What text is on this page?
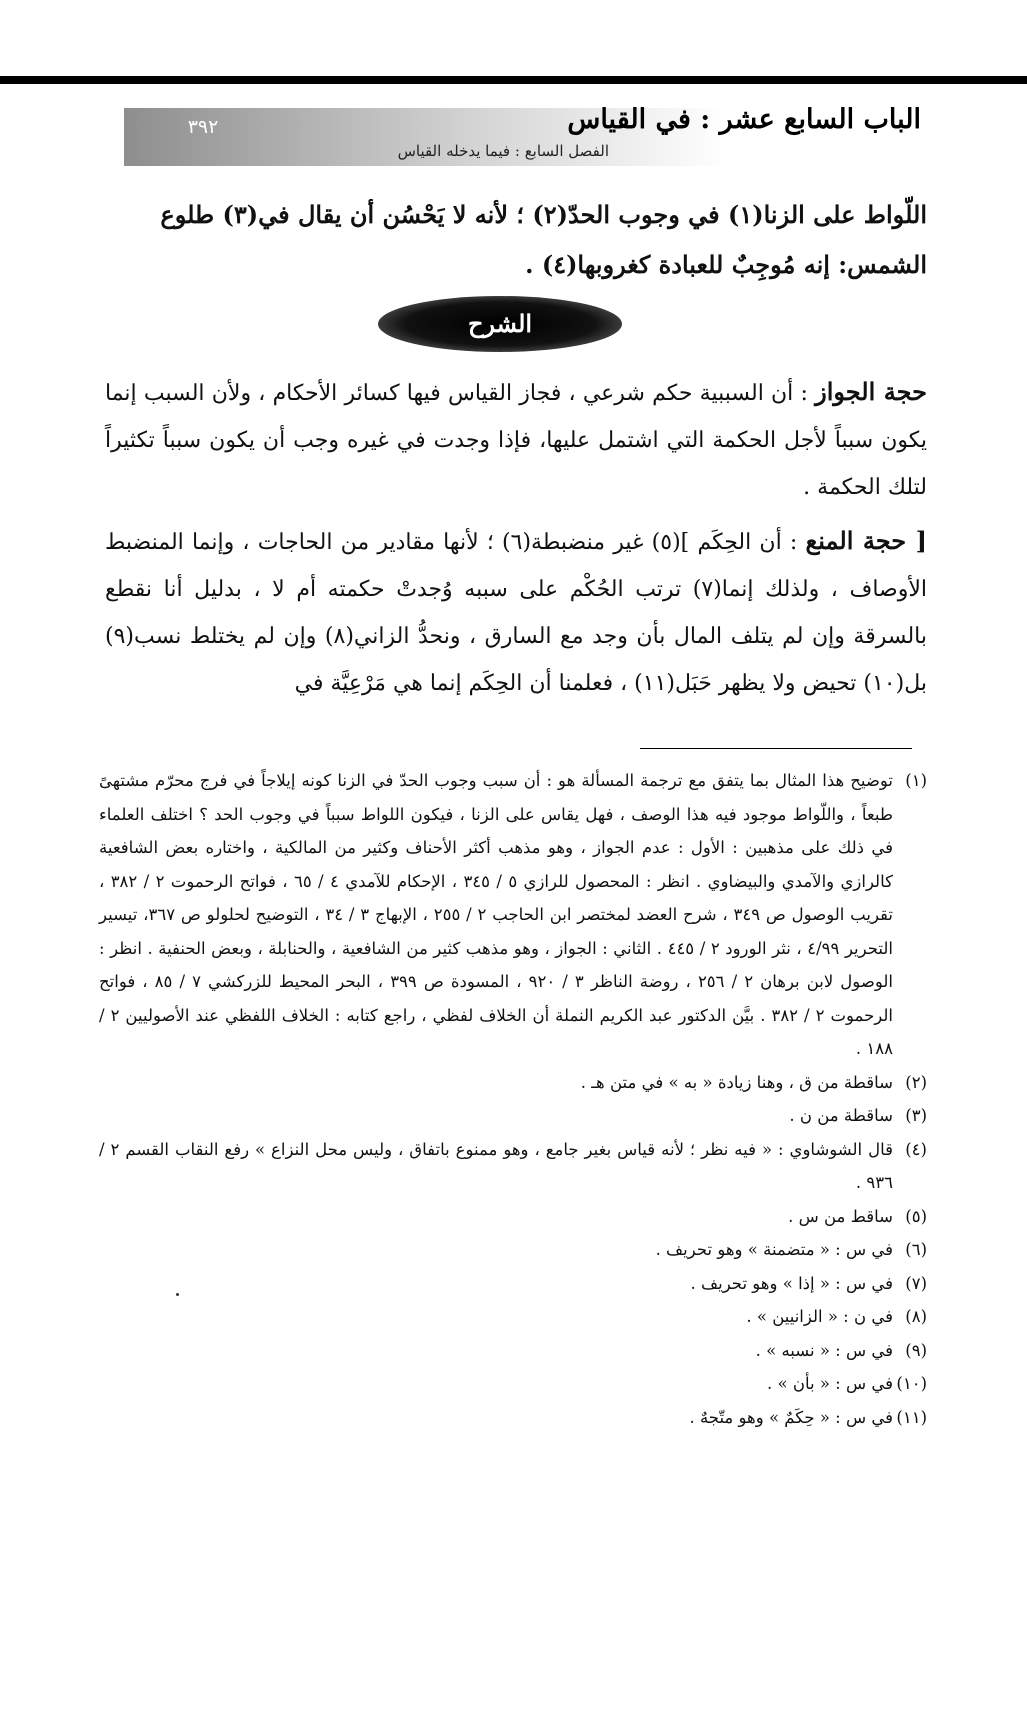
٣٩٢	الباب السابع عشر : في القياس
الفصل السابع : فيما يدخله القياس
اللّواط على الزنا(١) في وجوب الحدّ(٢) ؛ لأنه لا يَحْسُن أن يقال في(٣) طلوع
الشمس: إنه مُوجِبٌ للعبادة كغروبها(٤) .
الشرح

حجة الجواز : أن السببية حكم شرعي ، فجاز القياس فيها كسائر الأحكام ، ولأن السبب إنما يكون سبباً لأجل الحكمة التي اشتمل عليها، فإذا وجدت في غيره وجب أن يكون سبباً تكثيراً لتلك الحكمة .

[ حجة المنع : أن الحِكَم ](٥) غير منضبطة(٦) ؛ لأنها مقادير من الحاجات ، وإنما المنضبط الأوصاف ، ولذلك إنما(٧) ترتب الحُكْم على سببه وُجدتْ حكمته أم لا ، بدليل أنا نقطع بالسرقة وإن لم يتلف المال بأن وجد مع السارق ، ونحدُّ الزاني(٨) وإن لم يختلط نسب(٩) بل(١٠) تحيض ولا يظهر حَبَل(١١) ، فعلمنا أن الحِكَم إنما هي مَرْعِيَّة في

(١)توضيح هذا المثال بما يتفق مع ترجمة المسألة هو : أن سبب وجوب الحدّ في الزنا كونه إيلاجاً في فرج محرّم مشتهىً طبعاً ، واللّواط موجود فيه هذا الوصف ، فهل يقاس على الزنا ، فيكون اللواط سبباً في وجوب الحد ؟ اختلف العلماء في ذلك على مذهبين : الأول : عدم الجواز ، وهو مذهب أكثر الأحناف وكثير من المالكية ، واختاره بعض الشافعية كالرازي والآمدي والبيضاوي . انظر : المحصول للرازي ٥ / ٣٤٥ ، الإحكام للآمدي ٤ / ٦٥ ، فواتح الرحموت ٢ / ٣٨٢ ، تقريب الوصول ص ٣٤٩ ، شرح العضد لمختصر ابن الحاجب ٢ / ٢٥٥ ، الإبهاج ٣ / ٣٤ ، التوضيح لحلولو ص ٣٦٧، تيسير التحرير ٤/٩٩ ، نثر الورود ٢ / ٤٤٥ . الثاني : الجواز ، وهو مذهب كثير من الشافعية ، والحنابلة ، وبعض الحنفية . انظر : الوصول لابن برهان ٢ / ٢٥٦ ، روضة الناظر ٣ / ٩٢٠ ، المسودة ص ٣٩٩ ، البحر المحيط للزركشي ٧ / ٨٥ ، فواتح الرحموت ٢ / ٣٨٢ . بيَّن الدكتور عبد الكريم النملة أن الخلاف لفظي ، راجع كتابه : الخلاف اللفظي عند الأصوليين ٢ / ١٨٨ .

(٢)ساقطة من ق ، وهنا زيادة « به » في متن هـ .

(٣)ساقطة من ن .

(٤)قال الشوشاوي : « فيه نظر ؛ لأنه قياس بغير جامع ، وهو ممنوع باتفاق ، وليس محل النزاع » رفع النقاب القسم ٢ / ٩٣٦ .

(٥)ساقط من س .

(٦)في س : « متضمنة » وهو تحريف .

(٧)في س : « إذا » وهو تحريف .

(٨)في ن : « الزانيين » .

(٩)في س : « نسبه » .

(١٠)في س : « بأن » .

(١١)في س : « حِكَمٌ » وهو متّجهٌ .
